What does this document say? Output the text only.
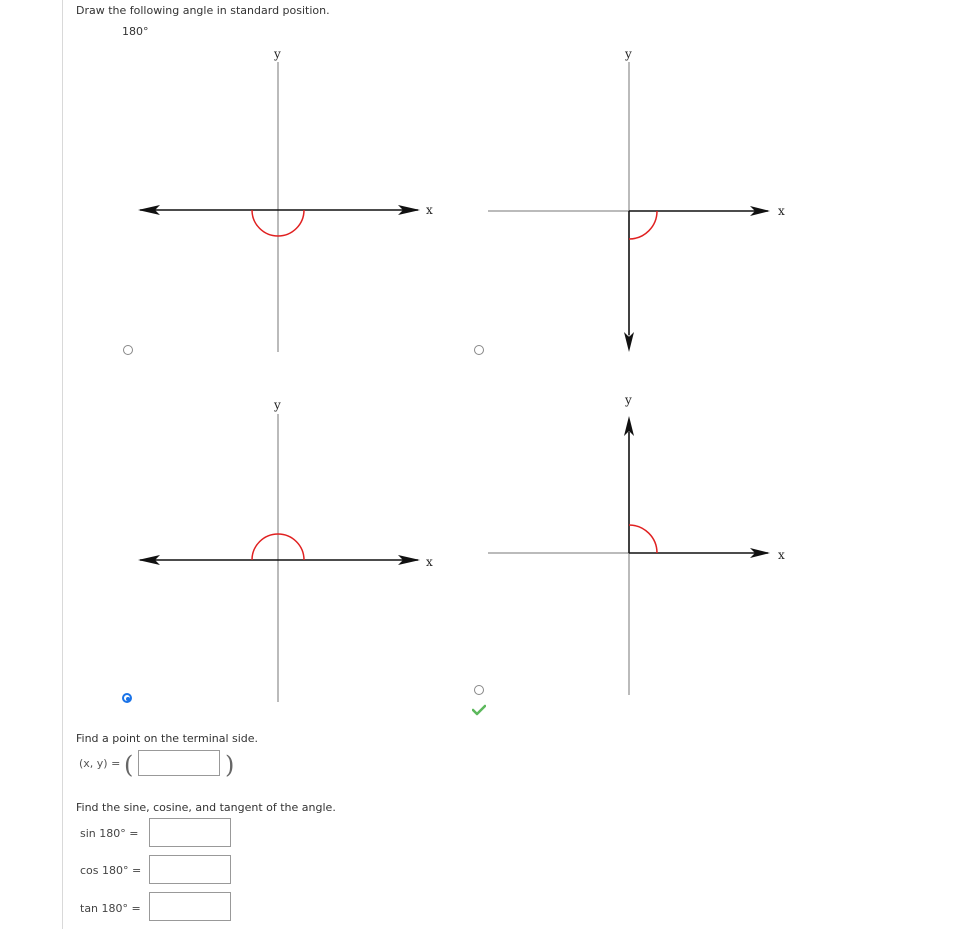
Draw the following angle in standard position.
180°
y
x
y
x
y
x
y
x
Find a point on the terminal side.
(x, y) = (	)
Find the sine, cosine, and tangent of the angle.
sin 180° =
cos 180° =
tan 180° =
